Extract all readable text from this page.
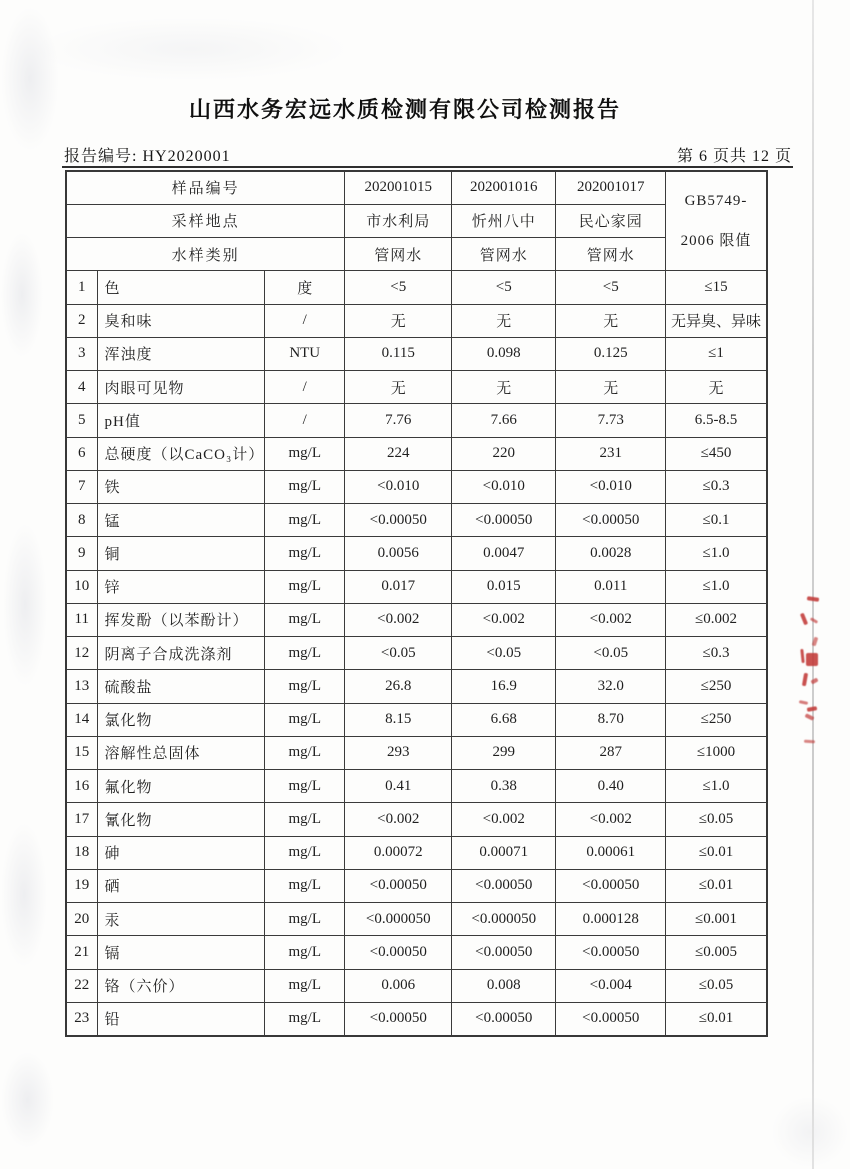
山西水务宏远水质检测有限公司检测报告
报告编号: HY2020001	第 6 页共 12 页
样品编号			202001015	202001016	202001017	GB5749-
2006 限值

采样地点			市水利局	忻州八中	民心家园	
水样类别			管网水	管网水	管网水	
1	色	度	<5	<5	<5	≤15
2	臭和味	/	无	无	无	无异臭、异味
3	浑浊度	NTU	0.115	0.098	0.125	≤1
4	肉眼可见物	/	无	无	无	无
5	pH值	/	7.76	7.66	7.73	6.5-8.5
6	总硬度（以CaCO₃计）	mg/L	224	220	231	≤450
7	铁	mg/L	<0.010	<0.010	<0.010	≤0.3
8	锰	mg/L	<0.00050	<0.00050	<0.00050	≤0.1
9	铜	mg/L	0.0056	0.0047	0.0028	≤1.0
10	锌	mg/L	0.017	0.015	0.011	≤1.0
11	挥发酚（以苯酚计）	mg/L	<0.002	<0.002	<0.002	≤0.002
12	阴离子合成洗涤剂	mg/L	<0.05	<0.05	<0.05	≤0.3
13	硫酸盐	mg/L	26.8	16.9	32.0	≤250
14	氯化物	mg/L	8.15	6.68	8.70	≤250
15	溶解性总固体	mg/L	293	299	287	≤1000
16	氟化物	mg/L	0.41	0.38	0.40	≤1.0
17	氰化物	mg/L	<0.002	<0.002	<0.002	≤0.05
18	砷	mg/L	0.00072	0.00071	0.00061	≤0.01
19	硒	mg/L	<0.00050	<0.00050	<0.00050	≤0.01
20	汞	mg/L	<0.000050	<0.000050	0.000128	≤0.001
21	镉	mg/L	<0.00050	<0.00050	<0.00050	≤0.005
22	铬（六价）	mg/L	0.006	0.008	<0.004	≤0.05
23	铅	mg/L	<0.00050	<0.00050	<0.00050	≤0.01
